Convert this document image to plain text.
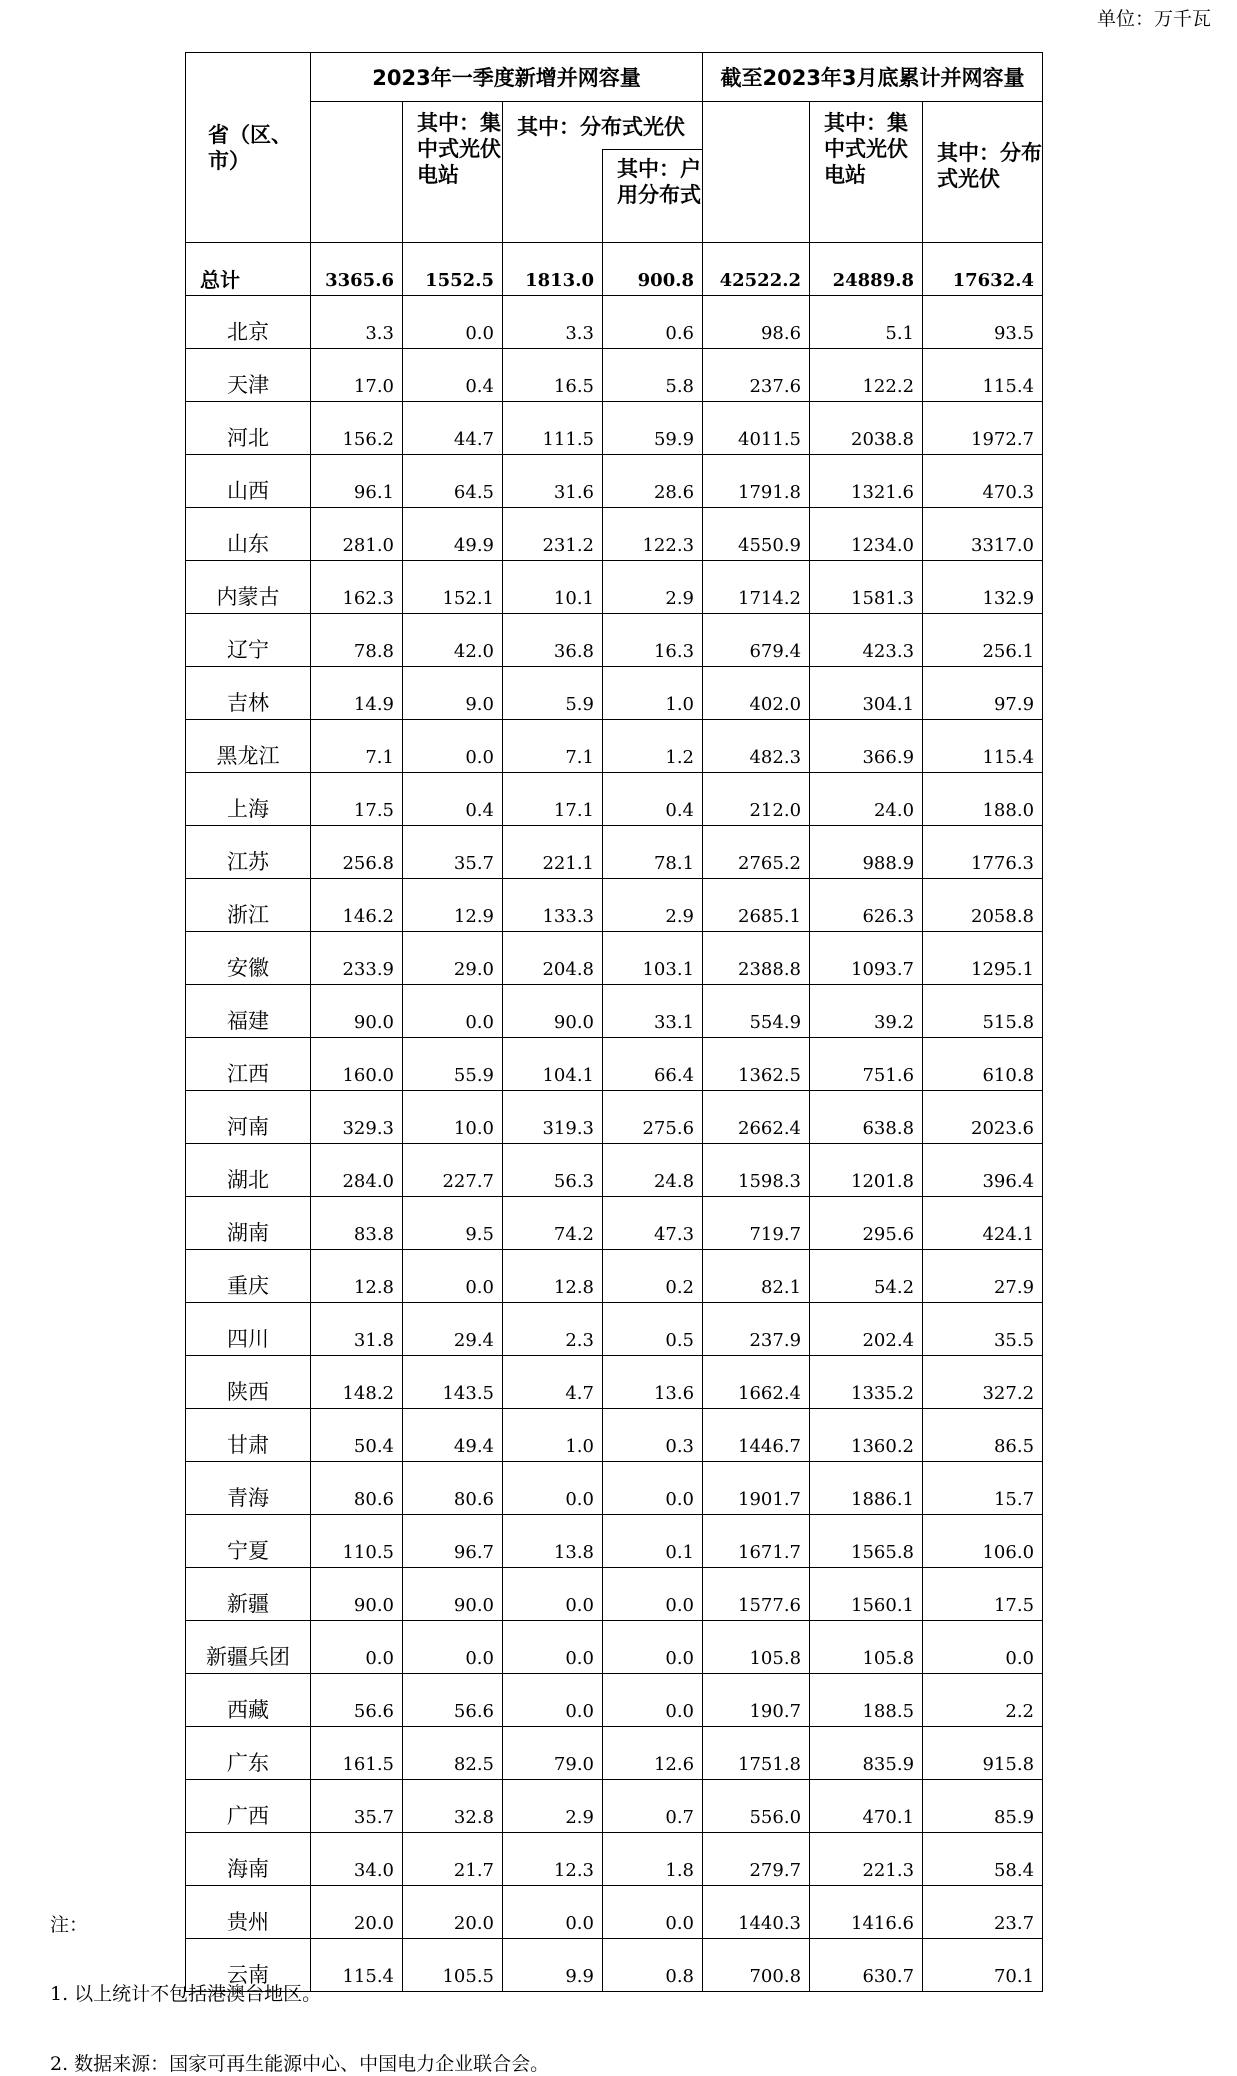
单位：万千瓦
省（区、市）	2023年一季度新增并网容量				截至2023年3月底累计并网容量		
		其中：集中式光伏电站	其中：分布式光伏			其中：集中式光伏电站	其中：分布式光伏
				其中：户用分布式			
总计	3365.6	1552.5	1813.0	900.8	42522.2	24889.8	17632.4
北京	3.3	0.0	3.3	0.6	98.6	5.1	93.5
天津	17.0	0.4	16.5	5.8	237.6	122.2	115.4
河北	156.2	44.7	111.5	59.9	4011.5	2038.8	1972.7
山西	96.1	64.5	31.6	28.6	1791.8	1321.6	470.3
山东	281.0	49.9	231.2	122.3	4550.9	1234.0	3317.0
内蒙古	162.3	152.1	10.1	2.9	1714.2	1581.3	132.9
辽宁	78.8	42.0	36.8	16.3	679.4	423.3	256.1
吉林	14.9	9.0	5.9	1.0	402.0	304.1	97.9
黑龙江	7.1	0.0	7.1	1.2	482.3	366.9	115.4
上海	17.5	0.4	17.1	0.4	212.0	24.0	188.0
江苏	256.8	35.7	221.1	78.1	2765.2	988.9	1776.3
浙江	146.2	12.9	133.3	2.9	2685.1	626.3	2058.8
安徽	233.9	29.0	204.8	103.1	2388.8	1093.7	1295.1
福建	90.0	0.0	90.0	33.1	554.9	39.2	515.8
江西	160.0	55.9	104.1	66.4	1362.5	751.6	610.8
河南	329.3	10.0	319.3	275.6	2662.4	638.8	2023.6
湖北	284.0	227.7	56.3	24.8	1598.3	1201.8	396.4
湖南	83.8	9.5	74.2	47.3	719.7	295.6	424.1
重庆	12.8	0.0	12.8	0.2	82.1	54.2	27.9
四川	31.8	29.4	2.3	0.5	237.9	202.4	35.5
陕西	148.2	143.5	4.7	13.6	1662.4	1335.2	327.2
甘肃	50.4	49.4	1.0	0.3	1446.7	1360.2	86.5
青海	80.6	80.6	0.0	0.0	1901.7	1886.1	15.7
宁夏	110.5	96.7	13.8	0.1	1671.7	1565.8	106.0
新疆	90.0	90.0	0.0	0.0	1577.6	1560.1	17.5
新疆兵团	0.0	0.0	0.0	0.0	105.8	105.8	0.0
西藏	56.6	56.6	0.0	0.0	190.7	188.5	2.2
广东	161.5	82.5	79.0	12.6	1751.8	835.9	915.8
广西	35.7	32.8	2.9	0.7	556.0	470.1	85.9
海南	34.0	21.7	12.3	1.8	279.7	221.3	58.4
贵州	20.0	20.0	0.0	0.0	1440.3	1416.6	23.7
云南	115.4	105.5	9.9	0.8	700.8	630.7	70.1
注：
1. 以上统计不包括港澳台地区。
2. 数据来源：国家可再生能源中心、中国电力企业联合会。
